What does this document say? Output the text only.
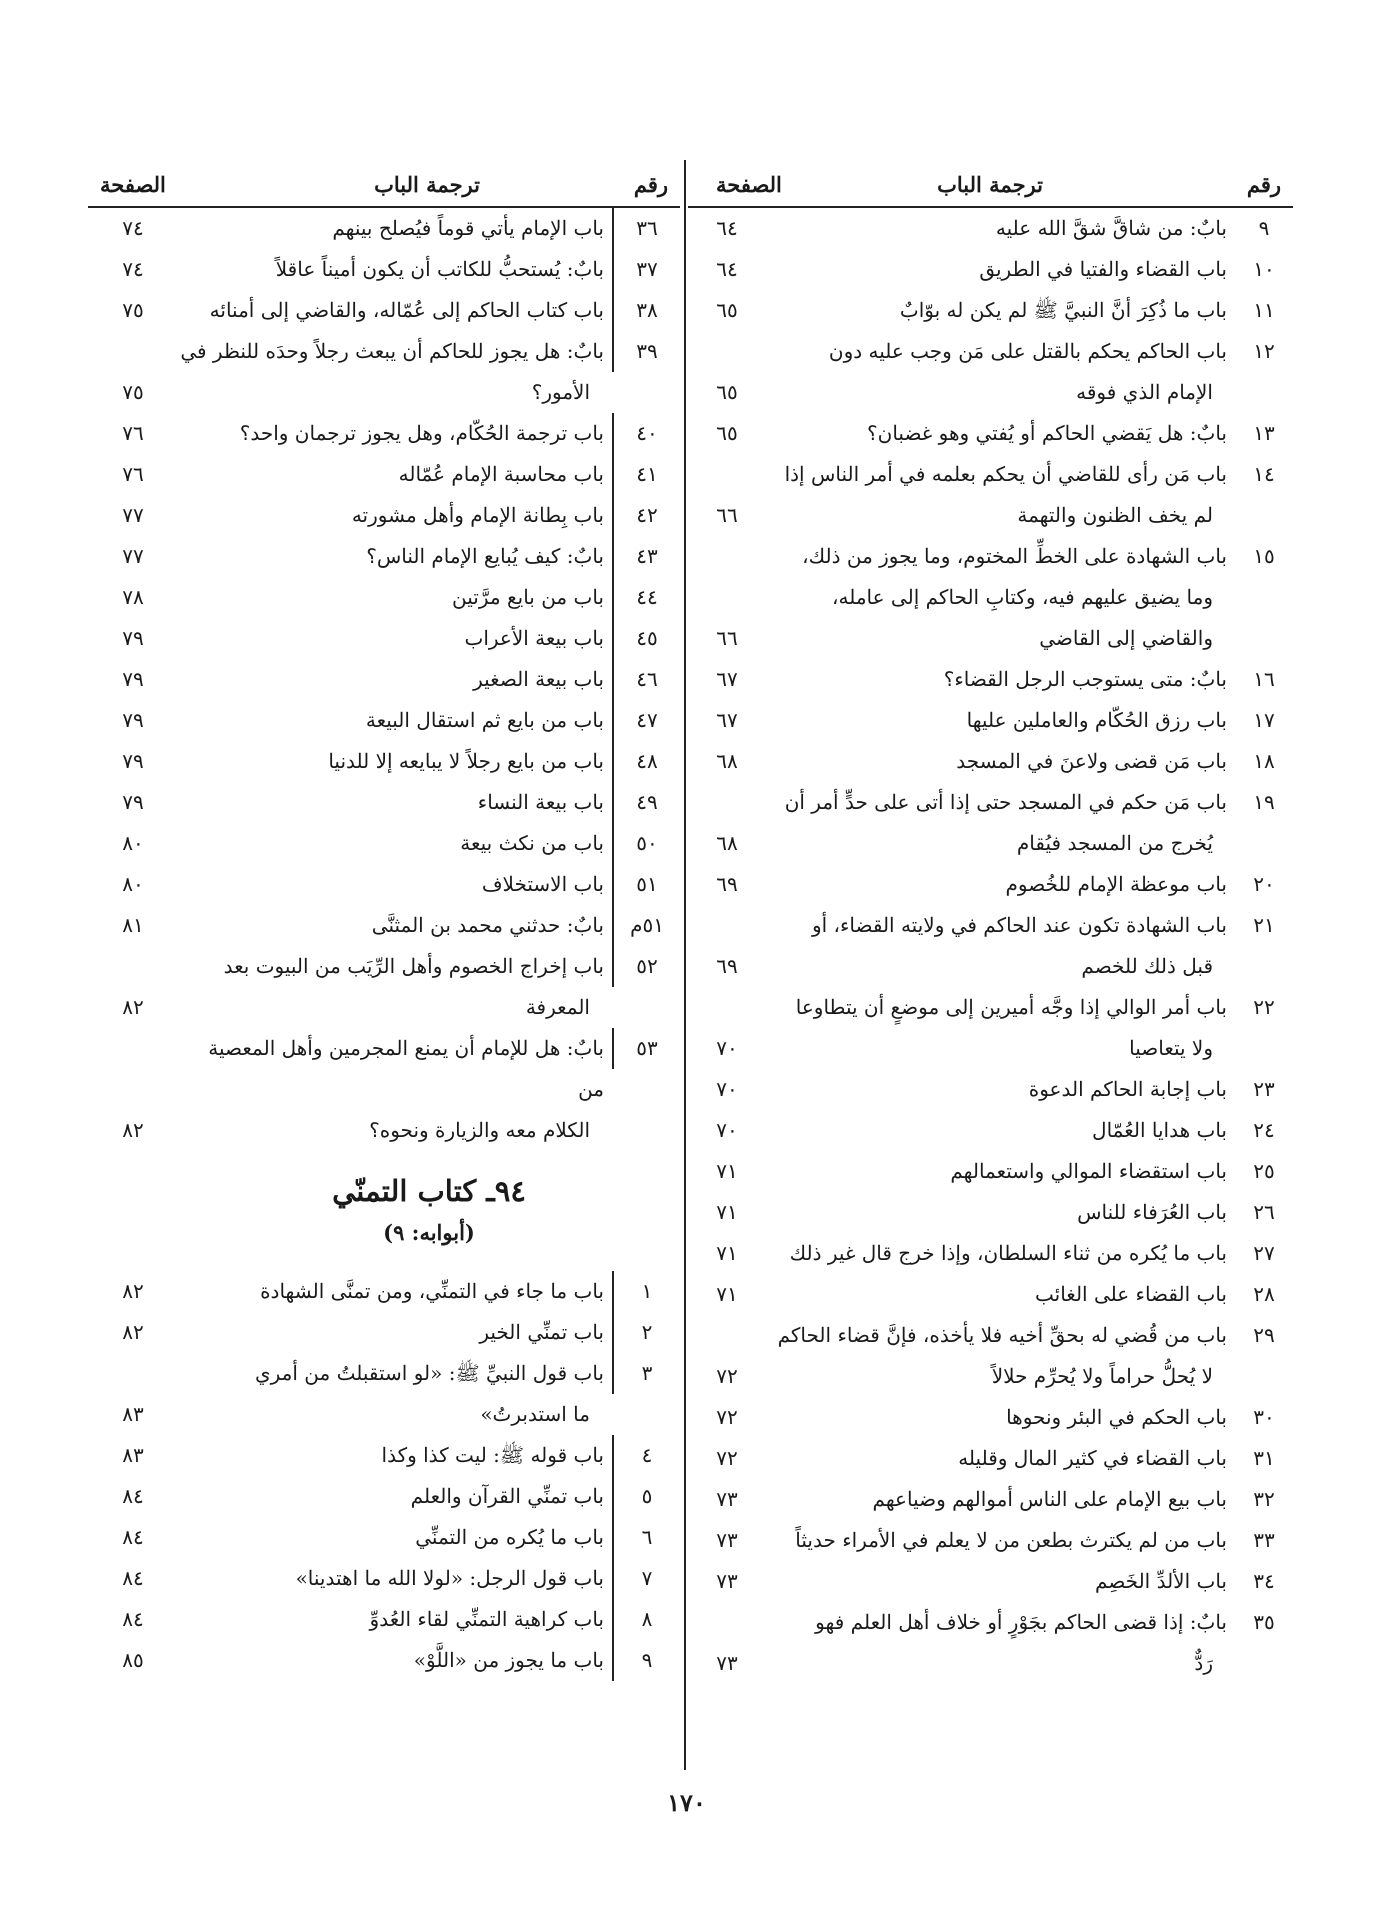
رقم
ترجمة الباب
الصفحة
٩
بابٌ: من شاقَّ شقَّ الله عليه
٦٤
١٠
باب القضاء والفتيا في الطريق
٦٤
١١
باب ما ذُكِرَ أنَّ النبيَّ ﷺ لم يكن له بوّابٌ
٦٥
١٢
باب الحاكم يحكم بالقتل على مَن وجب عليه دون
الإمام الذي فوقه
٦٥
١٣
بابٌ: هل يَقضي الحاكم أو يُفتي وهو غضبان؟
٦٥
١٤
باب مَن رأى للقاضي أن يحكم بعلمه في أمر الناس إذا
لم يخف الظنون والتهمة
٦٦
١٥
باب الشهادة على الخطِّ المختوم، وما يجوز من ذلك،
وما يضيق عليهم فيه، وكتابِ الحاكم إلى عامله،
والقاضي إلى القاضي
٦٦
١٦
بابٌ: متى يستوجب الرجل القضاء؟
٦٧
١٧
باب رزق الحُكّام والعاملين عليها
٦٧
١٨
باب مَن قضى ولاعنَ في المسجد
٦٨
١٩
باب مَن حكم في المسجد حتى إذا أتى على حدٍّ أمر أن
يُخرج من المسجد فيُقام
٦٨
٢٠
باب موعظة الإمام للخُصوم
٦٩
٢١
باب الشهادة تكون عند الحاكم في ولايته القضاء، أو
قبل ذلك للخصم
٦٩
٢٢
باب أمر الوالي إذا وجَّه أميرين إلى موضعٍ أن يتطاوعا
ولا يتعاصيا
٧٠
٢٣
باب إجابة الحاكم الدعوة
٧٠
٢٤
باب هدايا العُمّال
٧٠
٢٥
باب استقضاء الموالي واستعمالهم
٧١
٢٦
باب العُرَفاء للناس
٧١
٢٧
باب ما يُكره من ثناء السلطان، وإذا خرج قال غير ذلك
٧١
٢٨
باب القضاء على الغائب
٧١
٢٩
باب من قُضي له بحقِّ أخيه فلا يأخذه، فإنَّ قضاء الحاكم
لا يُحلُّ حراماً ولا يُحرِّم حلالاً
٧٢
٣٠
باب الحكم في البئر ونحوها
٧٢
٣١
باب القضاء في كثير المال وقليله
٧٢
٣٢
باب بيع الإمام على الناس أموالهم وضياعهم
٧٣
٣٣
باب من لم يكترث بطعن من لا يعلم في الأمراء حديثاً
٧٣
٣٤
باب الألدِّ الخَصِم
٧٣
٣٥
بابٌ: إذا قضى الحاكم بجَوْرٍ أو خلاف أهل العلم فهو
رَدٌّ
٧٣
رقم
ترجمة الباب
الصفحة
٣٦
باب الإمام يأتي قوماً فيُصلح بينهم
٧٤
٣٧
بابٌ: يُستحبُّ للكاتب أن يكون أميناً عاقلاً
٧٤
٣٨
باب كتاب الحاكم إلى عُمّاله، والقاضي إلى أمنائه
٧٥
٣٩
بابٌ: هل يجوز للحاكم أن يبعث رجلاً وحدَه للنظر في
الأمور؟
٧٥
٤٠
باب ترجمة الحُكّام، وهل يجوز ترجمان واحد؟
٧٦
٤١
باب محاسبة الإمام عُمّاله
٧٦
٤٢
باب بِطانة الإمام وأهل مشورته
٧٧
٤٣
بابٌ: كيف يُبايع الإمام الناس؟
٧٧
٤٤
باب من بايع مرَّتين
٧٨
٤٥
باب بيعة الأعراب
٧٩
٤٦
باب بيعة الصغير
٧٩
٤٧
باب من بايع ثم استقال البيعة
٧٩
٤٨
باب من بايع رجلاً لا يبايعه إلا للدنيا
٧٩
٤٩
باب بيعة النساء
٧٩
٥٠
باب من نكث بيعة
٨٠
٥١
باب الاستخلاف
٨٠
٥١م
بابٌ: حدثني محمد بن المثنَّى
٨١
٥٢
باب إخراج الخصوم وأهل الرِّيَب من البيوت بعد
المعرفة
٨٢
٥٣
بابٌ: هل للإمام أن يمنع المجرمين وأهل المعصية من
الكلام معه والزيارة ونحوه؟
٨٢
٩٤ـ كتاب التمنّي
(أبوابه: ٩)
١
باب ما جاء في التمنِّي، ومن تمنَّى الشهادة
٨٢
٢
باب تمنِّي الخير
٨٢
٣
باب قول النبيِّ ﷺ: «لو استقبلتُ من أمري
ما استدبرتُ»
٨٣
٤
باب قوله ﷺ: ليت كذا وكذا
٨٣
٥
باب تمنِّي القرآن والعلم
٨٤
٦
باب ما يُكره من التمنِّي
٨٤
٧
باب قول الرجل: «لولا الله ما اهتدينا»
٨٤
٨
باب كراهية التمنِّي لقاء العُدوِّ
٨٤
٩
باب ما يجوز من «اللَّوْ»
٨٥
١٧٠
